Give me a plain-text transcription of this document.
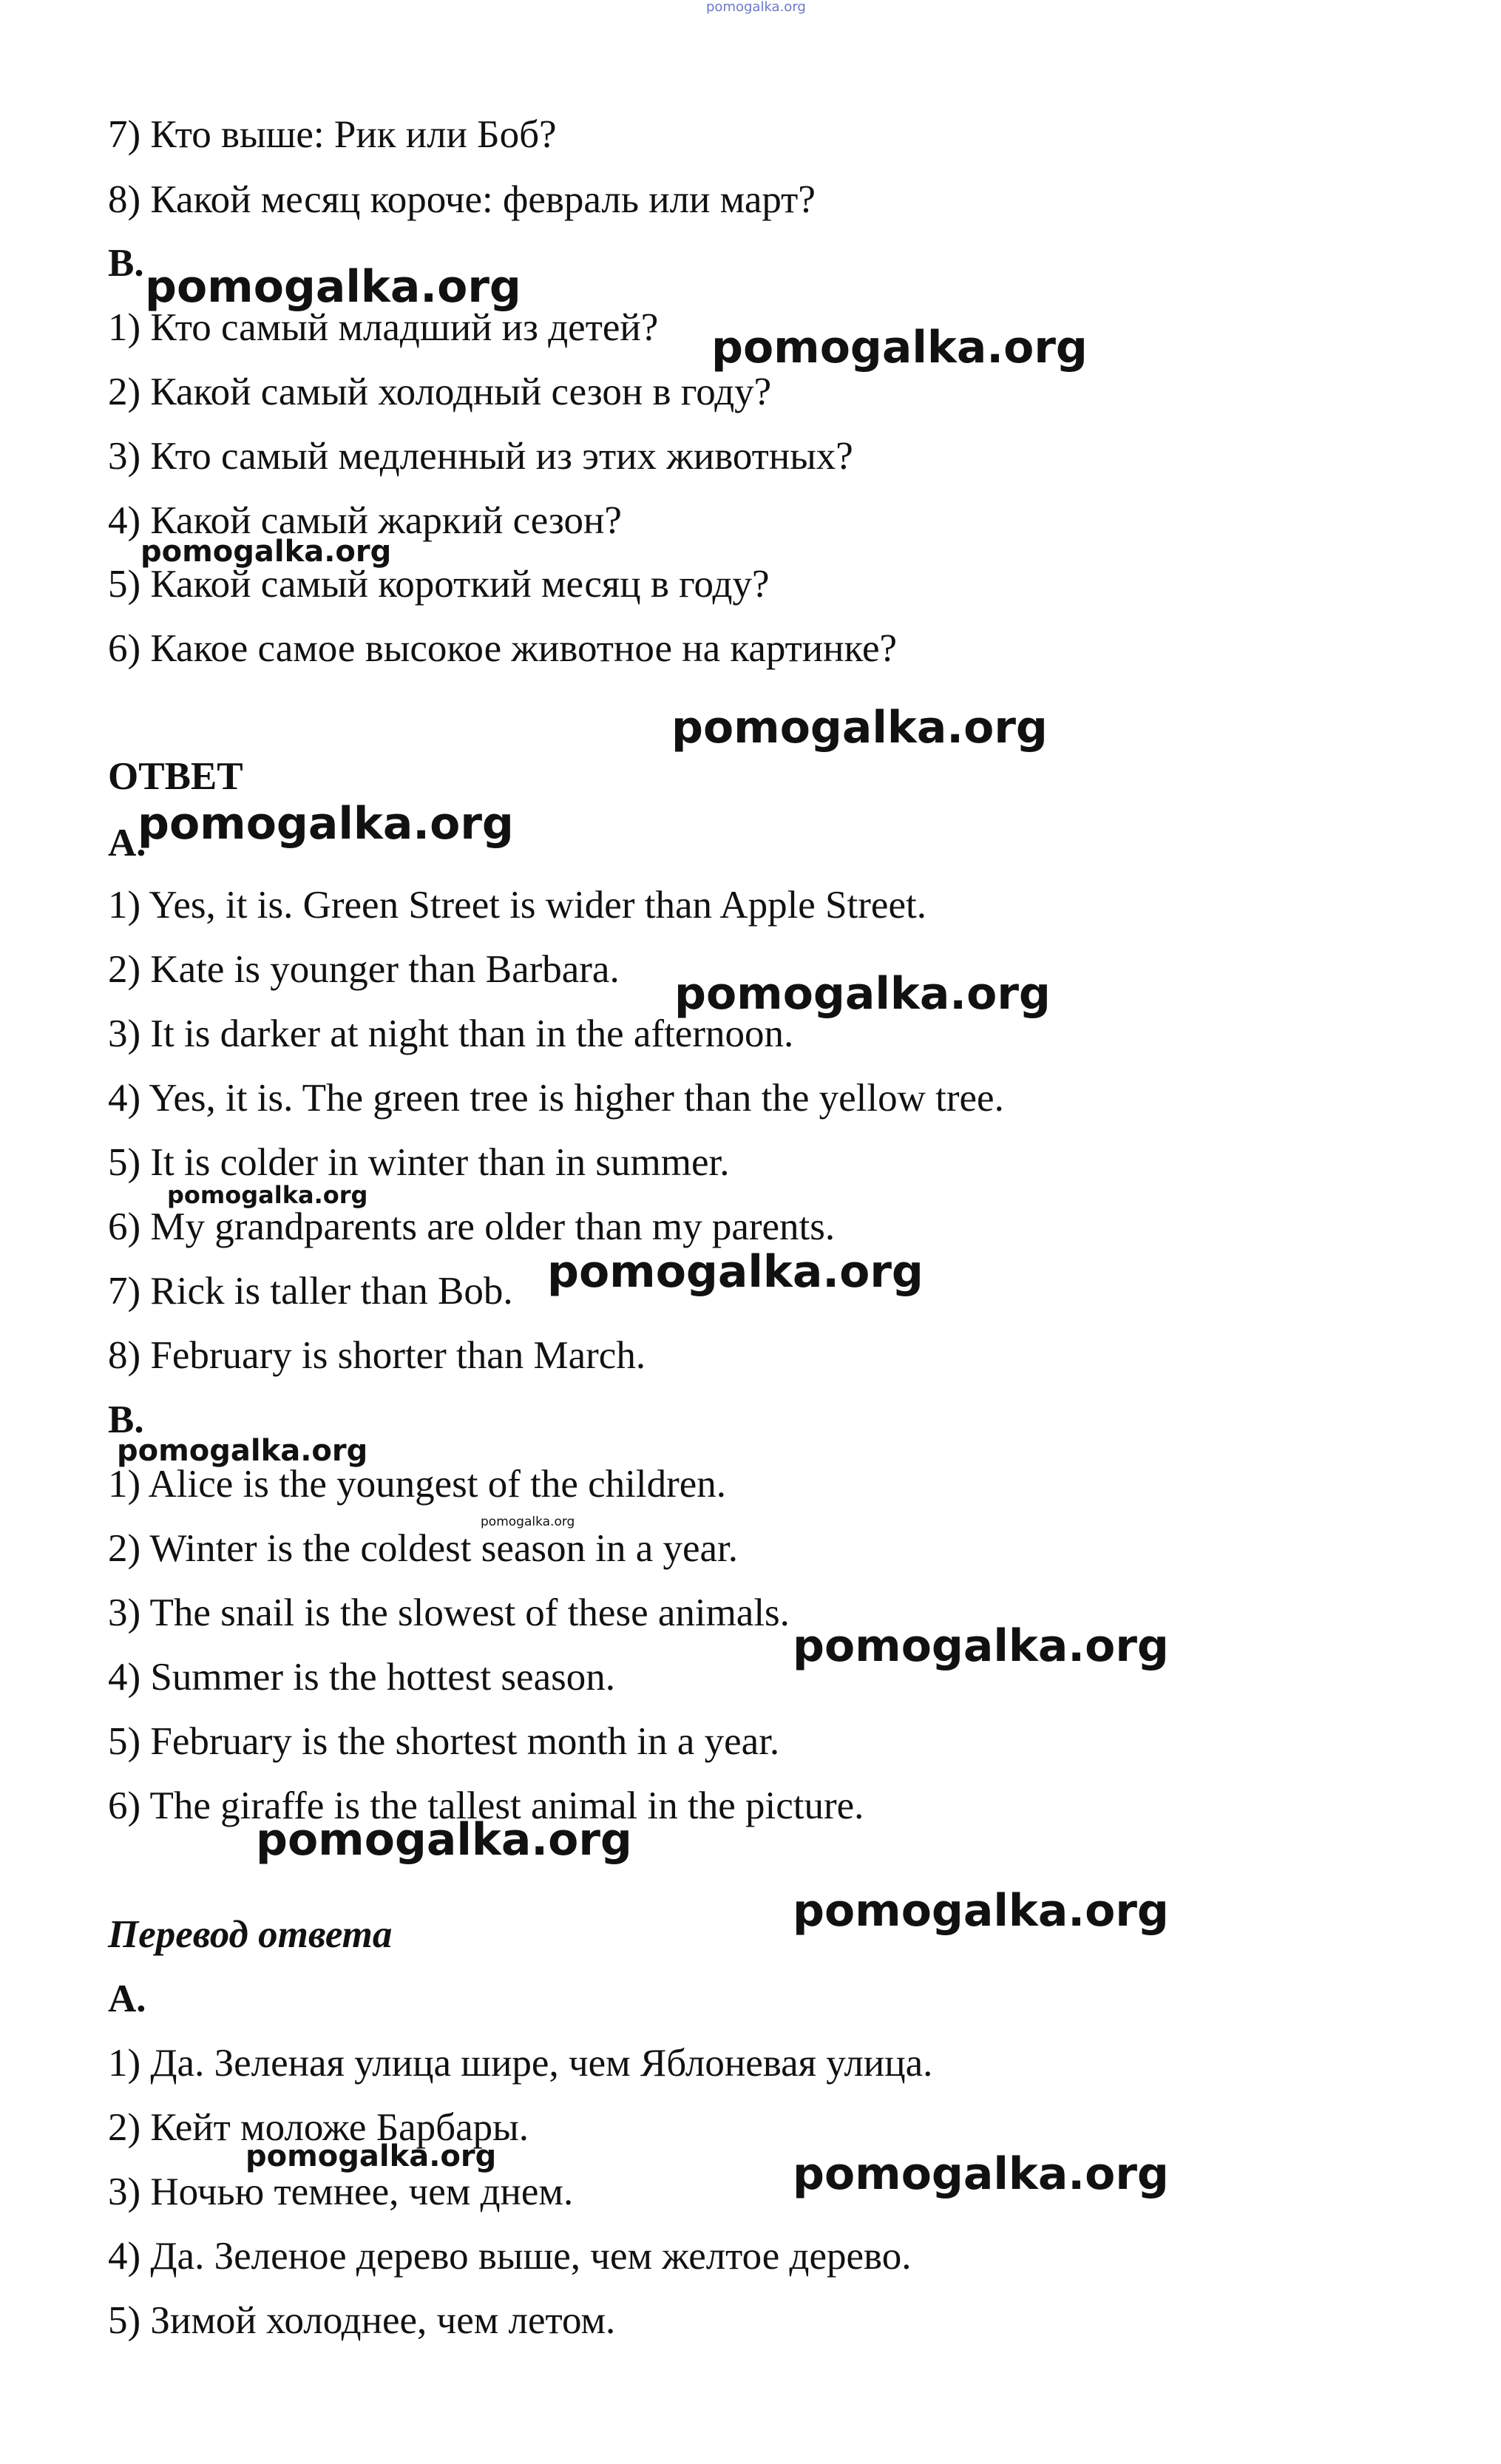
pomogalka.org
7) Кто выше: Рик или Боб?
8) Какой месяц короче: февраль или март?
B.
1) Кто самый младший из детей?
2) Какой самый холодный сезон в году?
3) Кто самый медленный из этих животных?
4) Какой самый жаркий сезон?
5) Какой самый короткий месяц в году?
6) Какое самое высокое животное на картинке?
ОТВЕТ
A.
1) Yes, it is. Green Street is wider than Apple Street.
2) Kate is younger than Barbara.
3) It is darker at night than in the afternoon.
4) Yes, it is. The green tree is higher than the yellow tree.
5) It is colder in winter than in summer.
6) My grandparents are older than my parents.
7) Rick is taller than Bob.
8) February is shorter than March.
B.
1) Alice is the youngest of the children.
2) Winter is the coldest season in a year.
3) The snail is the slowest of these animals.
4) Summer is the hottest season.
5) February is the shortest month in a year.
6) The giraffe is the tallest animal in the picture.
Перевод ответа
A.
1) Да. Зеленая улица шире, чем Яблоневая улица.
2) Кейт моложе Барбары.
3) Ночью темнее, чем днем.
4) Да. Зеленое дерево выше, чем желтое дерево.
5) Зимой холоднее, чем летом.
pomogalka.org
pomogalka.org
pomogalka.org
pomogalka.org
pomogalka.org
pomogalka.org
pomogalka.org
pomogalka.org
pomogalka.org
pomogalka.org
pomogalka.org
pomogalka.org
pomogalka.org
pomogalka.org	pomogalka.org
